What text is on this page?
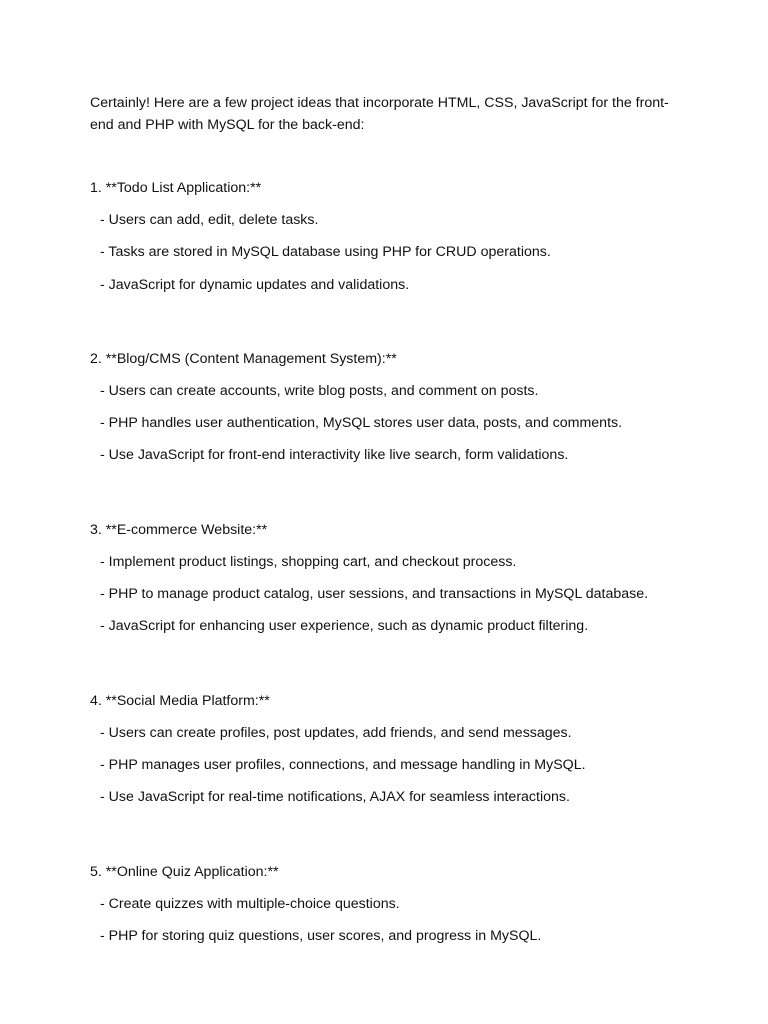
Certainly! Here are a few project ideas that incorporate HTML, CSS, JavaScript for the front-end and PHP with MySQL for the back-end:

1. **Todo List Application:**

- Users can add, edit, delete tasks.

- Tasks are stored in MySQL database using PHP for CRUD operations.

- JavaScript for dynamic updates and validations.

2. **Blog/CMS (Content Management System):**

- Users can create accounts, write blog posts, and comment on posts.

- PHP handles user authentication, MySQL stores user data, posts, and comments.

- Use JavaScript for front-end interactivity like live search, form validations.

3. **E-commerce Website:**

- Implement product listings, shopping cart, and checkout process.

- PHP to manage product catalog, user sessions, and transactions in MySQL database.

- JavaScript for enhancing user experience, such as dynamic product filtering.

4. **Social Media Platform:**

- Users can create profiles, post updates, add friends, and send messages.

- PHP manages user profiles, connections, and message handling in MySQL.

- Use JavaScript for real-time notifications, AJAX for seamless interactions.

5. **Online Quiz Application:**

- Create quizzes with multiple-choice questions.

- PHP for storing quiz questions, user scores, and progress in MySQL.
